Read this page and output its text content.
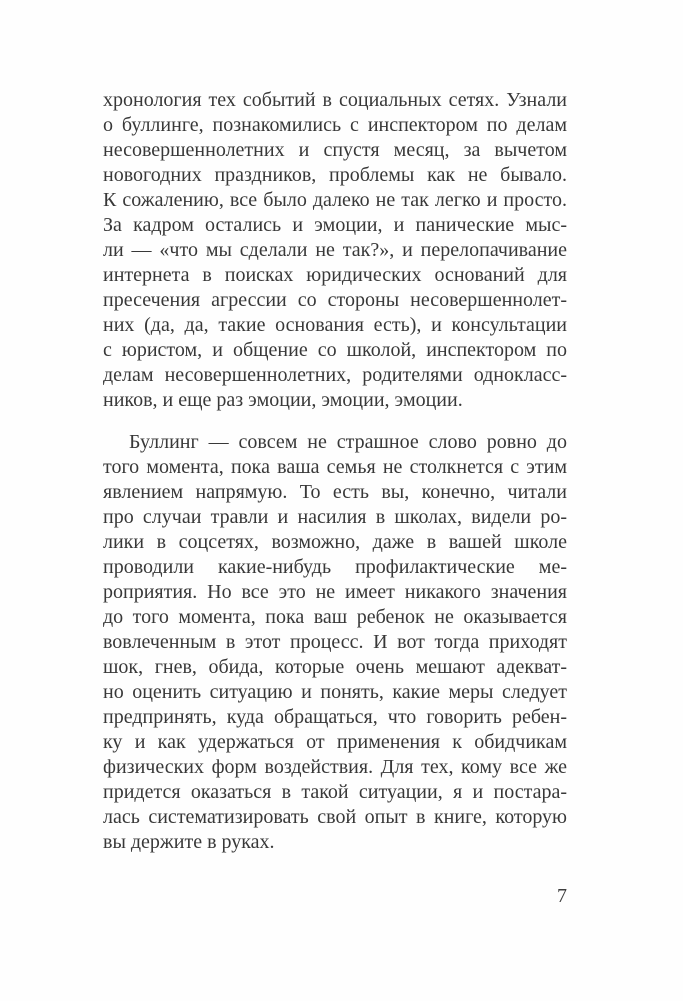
хронология тех событий в социальных сетях. Узнали
о буллинге, познакомились с инспектором по делам
несовершеннолетних и спустя месяц, за вычетом
новогодних праздников, проблемы как не бывало.
К сожалению, все было далеко не так легко и просто.
За кадром остались и эмоции, и панические мыс-
ли — «что мы сделали не так?», и перелопачивание
интернета в поисках юридических оснований для
пресечения агрессии со стороны несовершеннолет-
них (да, да, такие основания есть), и консультации
с юристом, и общение со школой, инспектором по
делам несовершеннолетних, родителями однокласс-
ников, и еще раз эмоции, эмоции, эмоции.
Буллинг — совсем не страшное слово ровно до
того момента, пока ваша семья не столкнется с этим
явлением напрямую. То есть вы, конечно, читали
про случаи травли и насилия в школах, видели ро-
лики в соцсетях, возможно, даже в вашей школе
проводили какие-нибудь профилактические ме-
роприятия. Но все это не имеет никакого значения
до того момента, пока ваш ребенок не оказывается
вовлеченным в этот процесс. И вот тогда приходят
шок, гнев, обида, которые очень мешают адекват-
но оценить ситуацию и понять, какие меры следует
предпринять, куда обращаться, что говорить ребен-
ку и как удержаться от применения к обидчикам
физических форм воздействия. Для тех, кому все же
придется оказаться в такой ситуации, я и постара-
лась систематизировать свой опыт в книге, которую
вы держите в руках.
7
